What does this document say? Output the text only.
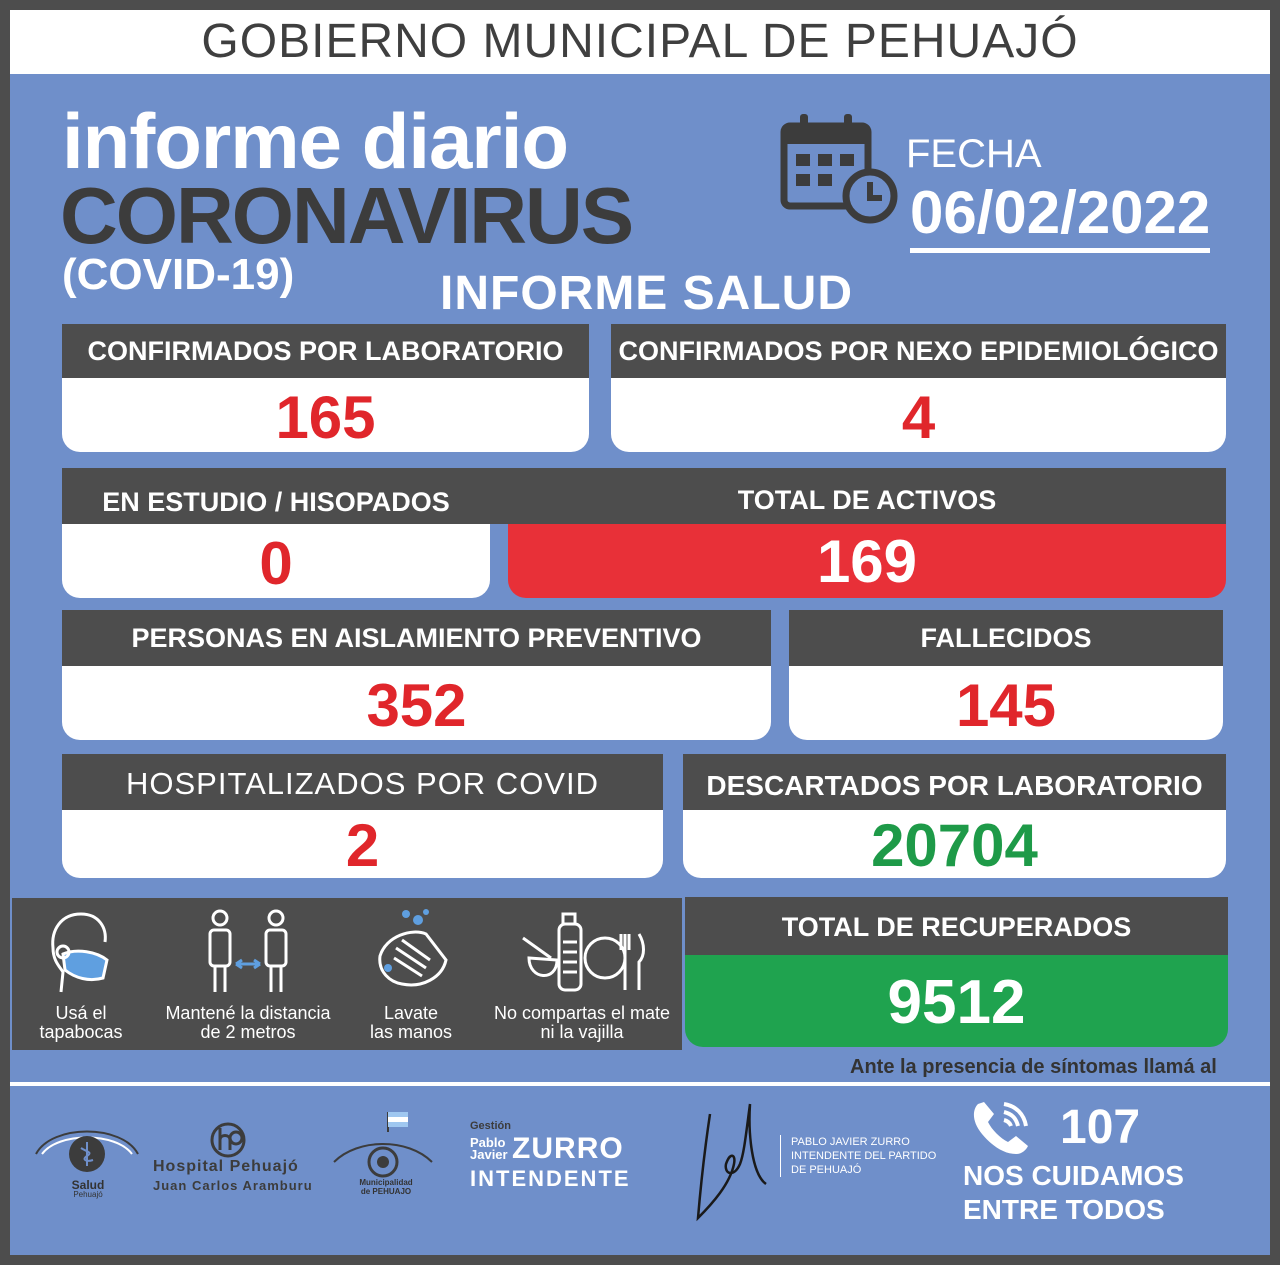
GOBIERNO MUNICIPAL DE PEHUAJÓ
informe diario
CORONAVIRUS
(COVID-19)	INFORME SALUD
FECHA
06/02/2022
CONFIRMADOS POR LABORATORIO
165
CONFIRMADOS POR NEXO EPIDEMIOLÓGICO
4
EN ESTUDIO / HISOPADOS
0
TOTAL DE ACTIVOS
169
PERSONAS EN AISLAMIENTO PREVENTIVO
352
FALLECIDOS
145
HOSPITALIZADOS POR COVID
2
DESCARTADOS POR LABORATORIO
20704
Usá el
tapabocas
Mantené la distancia
de 2 metros
Lavate
las manos
No compartas el mate
ni la vajilla
TOTAL DE RECUPERADOS
9512
Ante la presencia de síntomas llamá al
Salud
Pehuajó
Hospital Pehuajó
Juan Carlos Aramburu	Municipalidad
de PEHUAJO
Gestión
Pablo
Javier ZURRO
INTENDENTE
PABLO JAVIER ZURRO
INTENDENTE DEL PARTIDO
DE PEHUAJÓ
107
NOS CUIDAMOS
ENTRE TODOS
